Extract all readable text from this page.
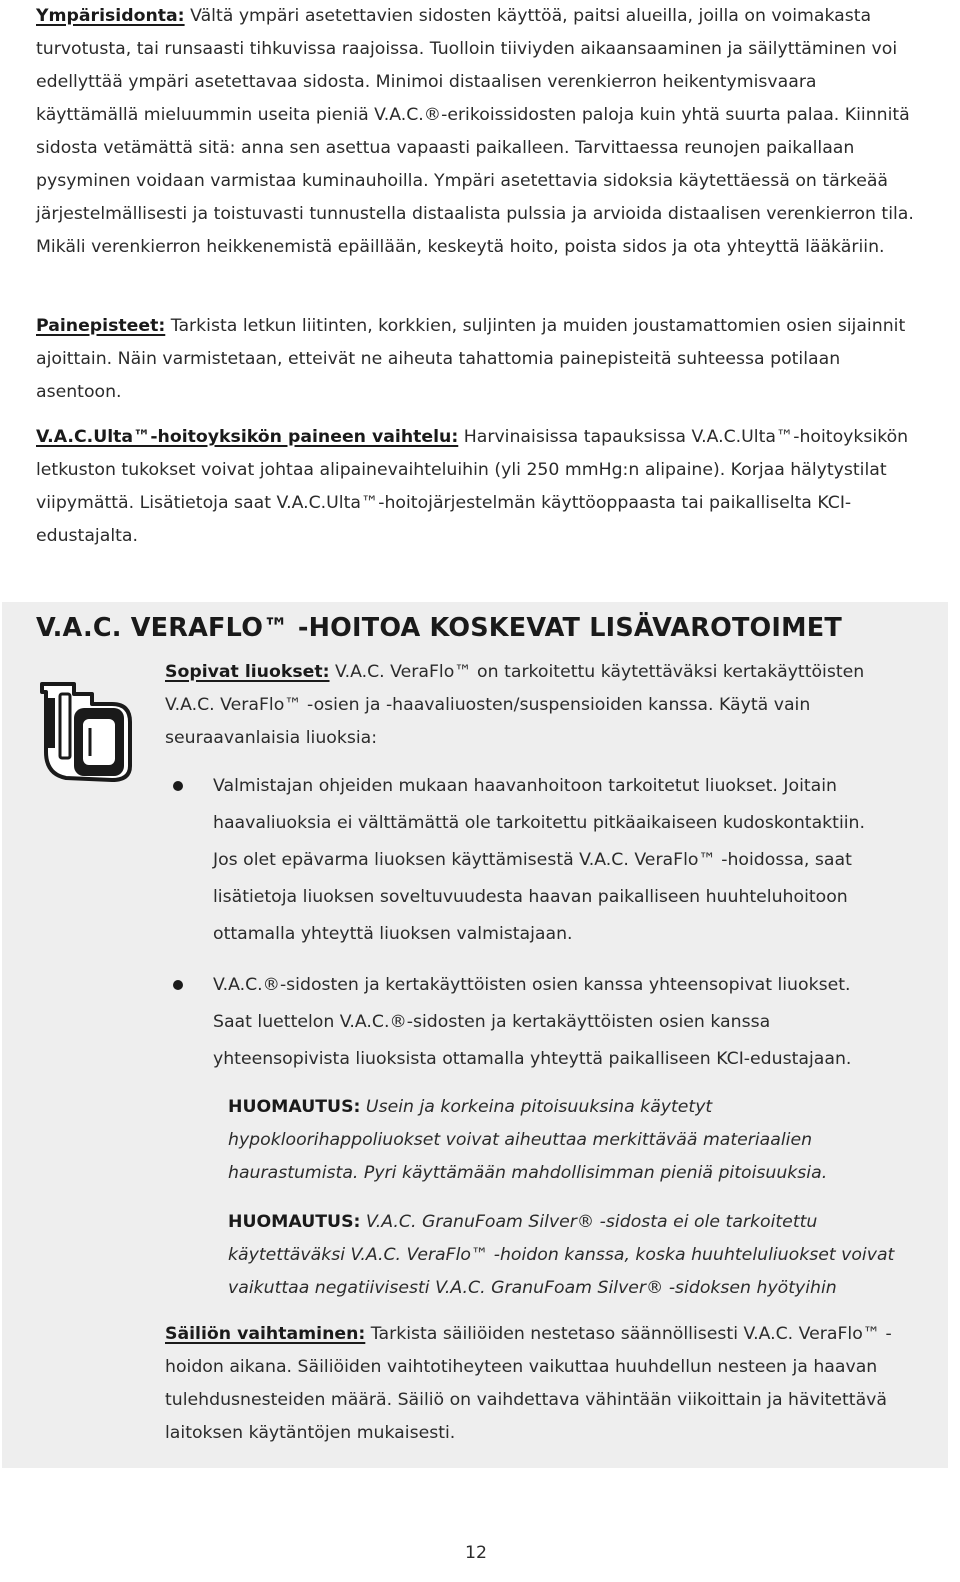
Ympärisidonta: Vältä ympäri asetettavien sidosten käyttöä, paitsi alueilla, joilla on voimakasta turvotusta, tai runsaasti tihkuvissa raajoissa. Tuolloin tiiviyden aikaansaaminen ja säilyttäminen voi edellyttää ympäri asetettavaa sidosta. Minimoi distaalisen verenkierron heikentymisvaara käyttämällä mieluummin useita pieniä V.A.C.®-erikoissidosten paloja kuin yhtä suurta palaa. Kiinnitä sidosta vetämättä sitä: anna sen asettua vapaasti paikalleen. Tarvittaessa reunojen paikallaan pysyminen voidaan varmistaa kuminauhoilla. Ympäri asetettavia sidoksia käytettäessä on tärkeää järjestelmällisesti ja toistuvasti tunnustella distaalista pulssia ja arvioida distaalisen verenkierron tila. Mikäli verenkierron heikkenemistä epäillään, keskeytä hoito, poista sidos ja ota yhteyttä lääkäriin.

Painepisteet: Tarkista letkun liitinten, korkkien, suljinten ja muiden joustamattomien osien sijainnit ajoittain. Näin varmistetaan, etteivät ne aiheuta tahattomia painepisteitä suhteessa potilaan asentoon.

V.A.C.Ulta™-hoitoyksikön paineen vaihtelu: Harvinaisissa tapauksissa V.A.C.Ulta™-hoitoyksikön letkuston tukokset voivat johtaa alipainevaihteluihin (yli 250 mmHg:n alipaine). Korjaa hälytystilat viipymättä. Lisätietoja saat V.A.C.Ulta™-hoitojärjestelmän käyttöoppaasta tai paikalliselta KCI-edustajalta.

V.A.C. VERAFLO™ -HOITOA KOSKEVAT LISÄVAROTOIMET

Sopivat liuokset: V.A.C. VeraFlo™ on tarkoitettu käytettäväksi kertakäyttöisten V.A.C. VeraFlo™ -osien ja -haavaliuosten/suspensioiden kanssa. Käytä vain seuraavanlaisia liuoksia:

Valmistajan ohjeiden mukaan haavanhoitoon tarkoitetut liuokset. Joitain haavaliuoksia ei välttämättä ole tarkoitettu pitkäaikaiseen kudoskontaktiin. Jos olet epävarma liuoksen käyttämisestä V.A.C. VeraFlo™ -hoidossa, saat lisätietoja liuoksen soveltuvuudesta haavan paikalliseen huuhteluhoitoon ottamalla yhteyttä liuoksen valmistajaan.
V.A.C.®-sidosten ja kertakäyttöisten osien kanssa yhteensopivat liuokset. Saat luettelon V.A.C.®-sidosten ja kertakäyttöisten osien kanssa yhteensopivista liuoksista ottamalla yhteyttä paikalliseen KCI-edustajaan.

HUOMAUTUS: Usein ja korkeina pitoisuuksina käytetyt hypokloorihappoliuokset voivat aiheuttaa merkittävää materiaalien haurastumista. Pyri käyttämään mahdollisimman pieniä pitoisuuksia.

HUOMAUTUS: V.A.C. GranuFoam Silver® -sidosta ei ole tarkoitettu käytettäväksi V.A.C. VeraFlo™ -hoidon kanssa, koska huuhteluliuokset voivat vaikuttaa negatiivisesti V.A.C. GranuFoam Silver® -sidoksen hyötyihin

Säiliön vaihtaminen: Tarkista säiliöiden nestetaso säännöllisesti V.A.C. VeraFlo™ -hoidon aikana. Säiliöiden vaihtotiheyteen vaikuttaa huuhdellun nesteen ja haavan tulehdusnesteiden määrä. Säiliö on vaihdettava vähintään viikoittain ja hävitettävä laitoksen käytäntöjen mukaisesti.

12
